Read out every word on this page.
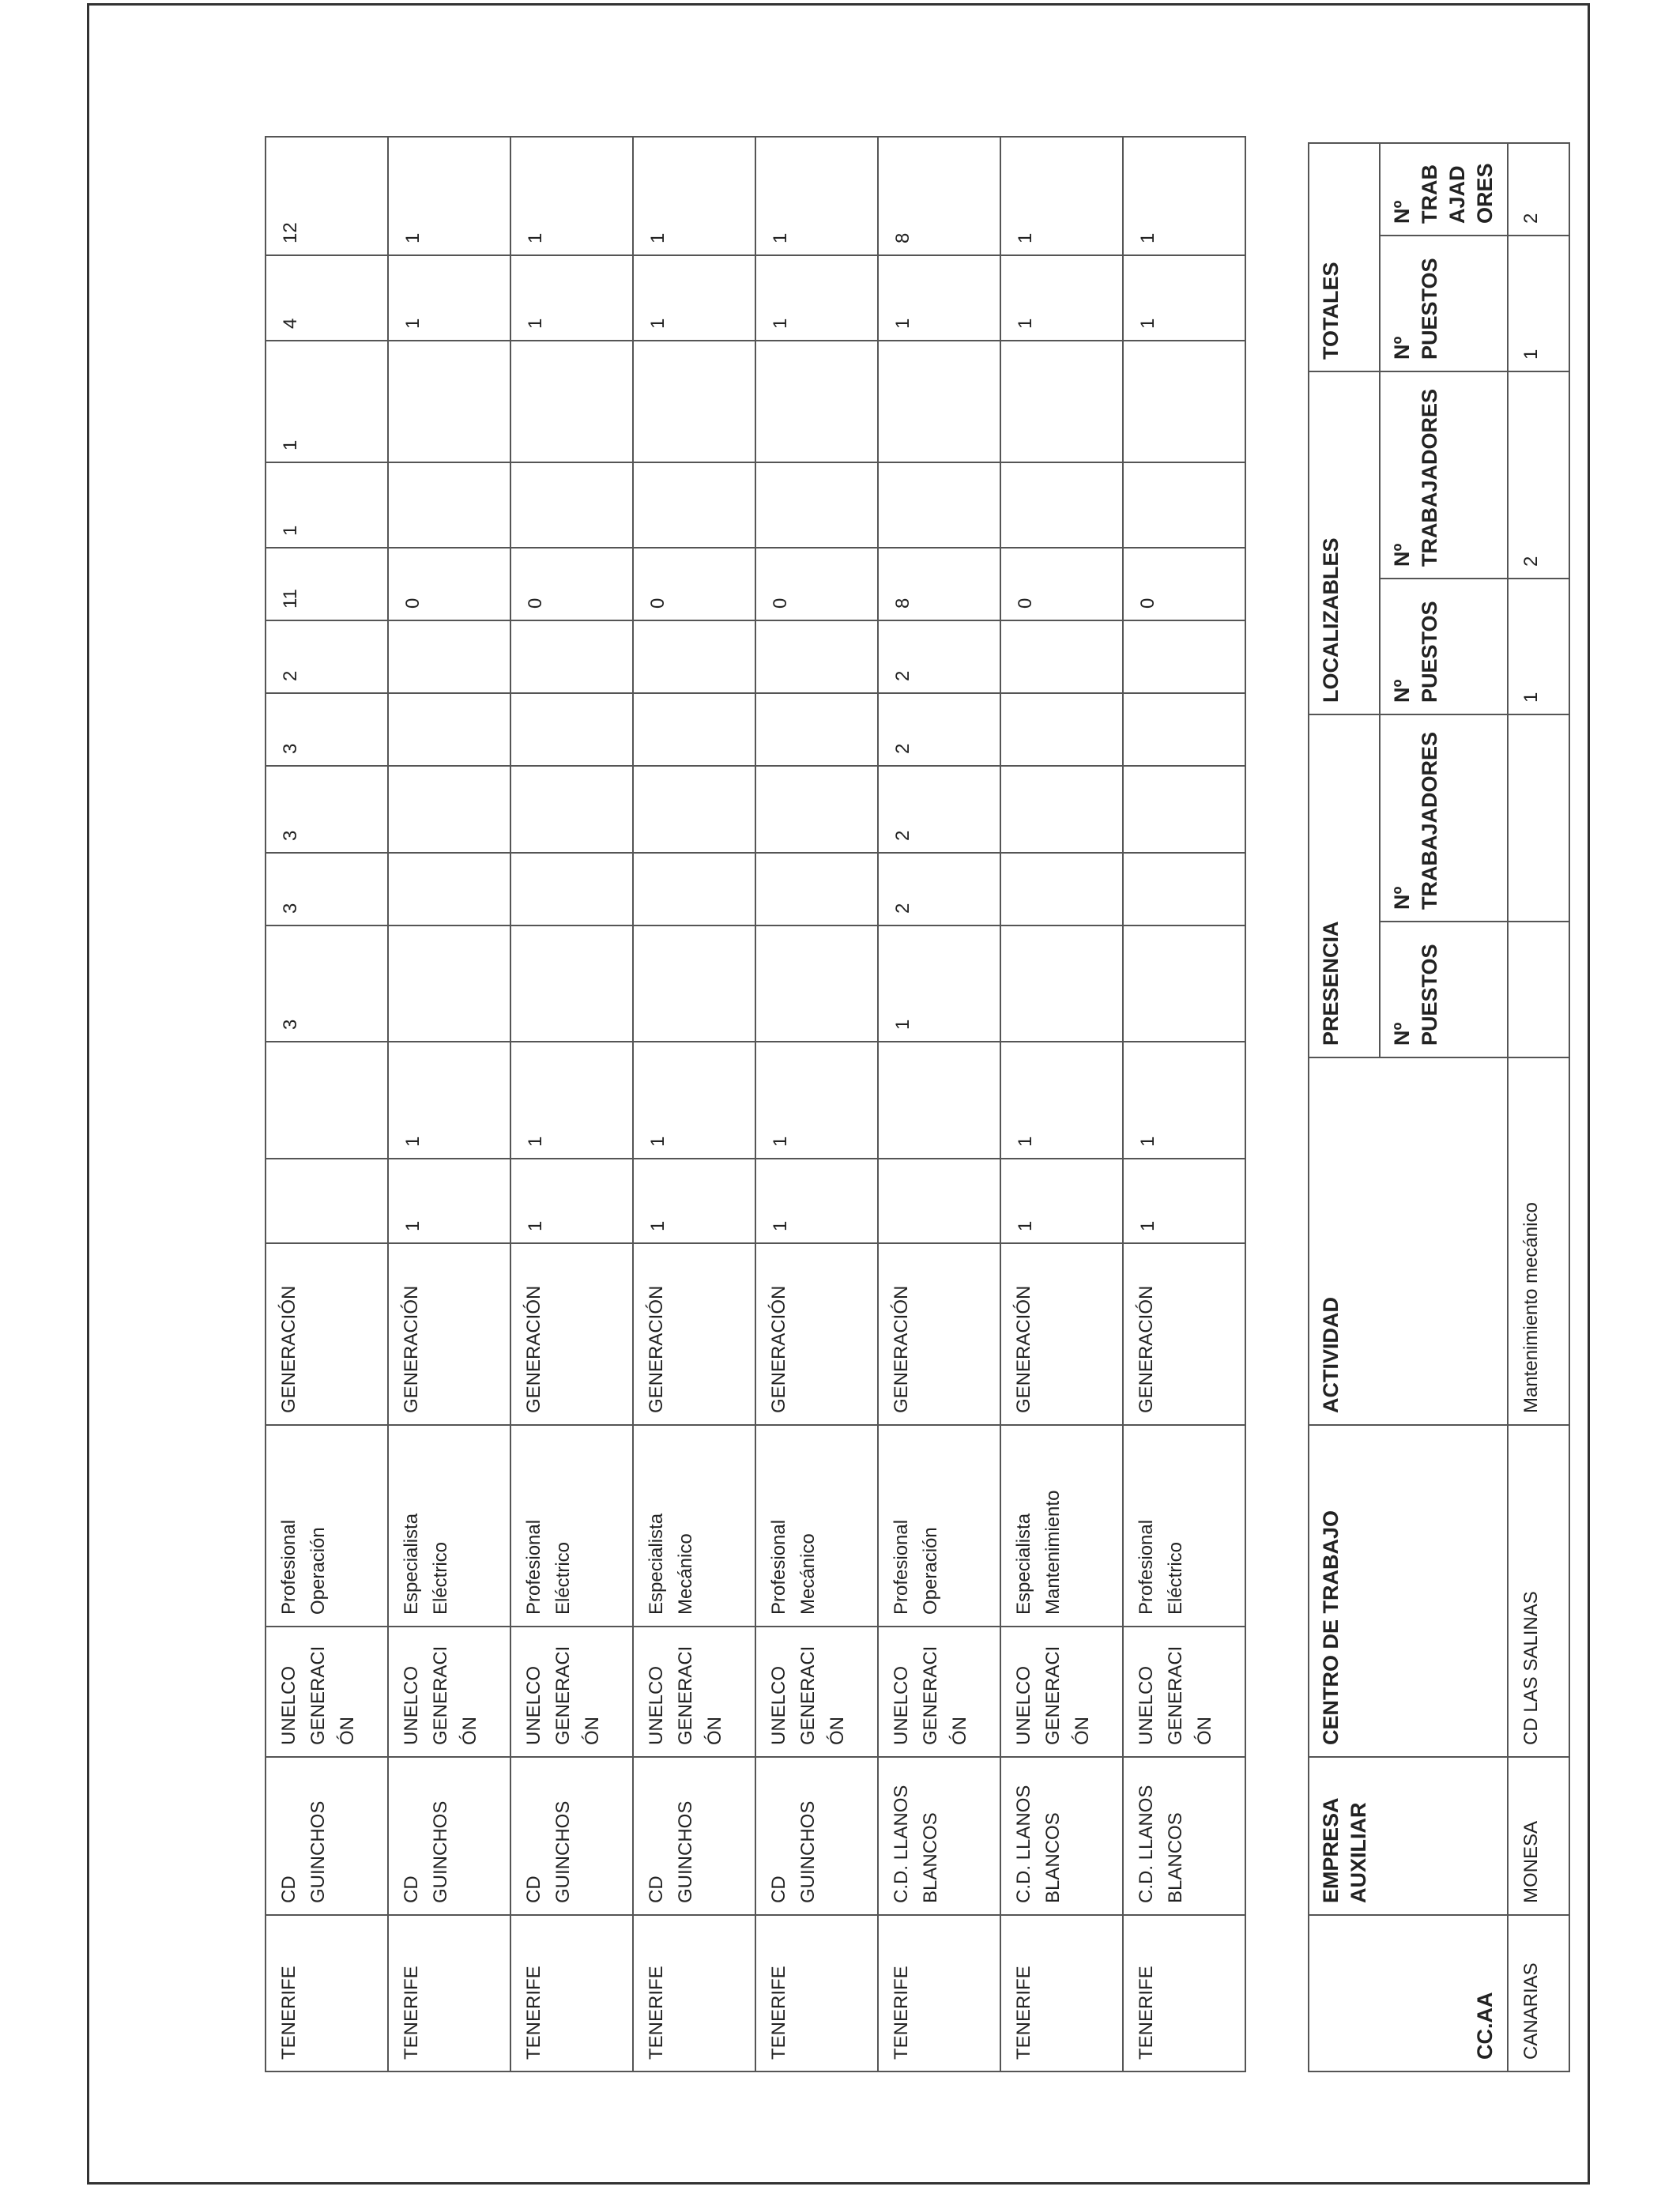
TENERIFE	CD GUINCHOS	UNELCO GENERACI ÓN	Profesional Operación	GENERACIÓN			3	3	3	3	2	11	1	1	4	12
TENERIFE	CD GUINCHOS	UNELCO GENERACI ÓN	Especialista Eléctrico	GENERACIÓN	1	1						0			1	1
TENERIFE	CD GUINCHOS	UNELCO GENERACI ÓN	Profesional Eléctrico	GENERACIÓN	1	1						0			1	1
TENERIFE	CD GUINCHOS	UNELCO GENERACI ÓN	Especialista Mecánico	GENERACIÓN	1	1						0			1	1
TENERIFE	CD GUINCHOS	UNELCO GENERACI ÓN	Profesional Mecánico	GENERACIÓN	1	1						0			1	1
TENERIFE	C.D. LLANOS BLANCOS	UNELCO GENERACI ÓN	Profesional Operación	GENERACIÓN			1	2	2	2	2	8			1	8
TENERIFE	C.D. LLANOS BLANCOS	UNELCO GENERACI ÓN	Especialista Mantenimiento	GENERACIÓN	1	1						0			1	1
TENERIFE	C.D. LLANOS BLANCOS	UNELCO GENERACI ÓN	Profesional Eléctrico	GENERACIÓN	1	1						0			1	1
CC.AA	EMPRESA AUXILIAR	CENTRO DE TRABAJO	ACTIVIDAD	PRESENCIA		LOCALIZABLES		TOTALES	
				Nº PUESTOS	Nº TRABAJADORES	Nº PUESTOS	Nº TRABAJADORES	Nº PUESTOS	Nº TRABAJADORES
CANARIAS	MONESA	CD LAS SALINAS	Mantenimiento mecánico			1	2	1	2
